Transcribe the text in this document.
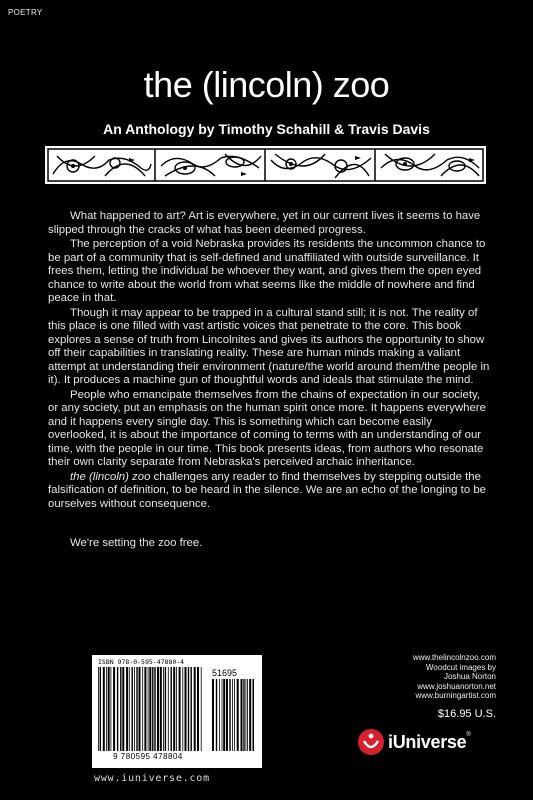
POETRY
the (lincoln) zoo
An Anthology by Timothy Schahill & Travis Davis

What happened to art? Art is everywhere, yet in our current lives it seems to have slipped through the cracks of what has been deemed progress.

The perception of a void Nebraska provides its residents the uncommon chance to be part of a community that is self-defined and unaffiliated with outside surveillance. It frees them, letting the individual be whoever they want, and gives them the open eyed chance to write about the world from what seems like the middle of nowhere and find peace in that.

Though it may appear to be trapped in a cultural stand still; it is not. The reality of this place is one filled with vast artistic voices that penetrate to the core. This book explores a sense of truth from Lincolnites and gives its authors the opportunity to show off their capabilities in translating reality. These are human minds making a valiant attempt at understanding their environment (nature/the world around them/the people in it). It produces a machine gun of thoughtful words and ideals that stimulate the mind.

People who emancipate themselves from the chains of expectation in our society, or any society, put an emphasis on the human spirit once more. It happens everywhere and it happens every single day. This is something which can become easily overlooked, it is about the importance of coming to terms with an understanding of our time, with the people in our time. This book presents ideas, from authors who resonate their own clarity separate from Nebraska's perceived archaic inheritance.

the (lincoln) zoo challenges any reader to find themselves by stepping outside the falsification of definition, to be heard in the silence. We are an echo of the longing to be ourselves without consequence.

We're setting the zoo free.

ISBN 978-0-595-47880-4
51695
9 780595 478804
www.iuniverse.com
www.thelincolnzoo.com
Woodcut images by
Joshua Norton
www.joshuanorton.net
www.burningartist.com
$16.95 U.S.
iUniverse®
